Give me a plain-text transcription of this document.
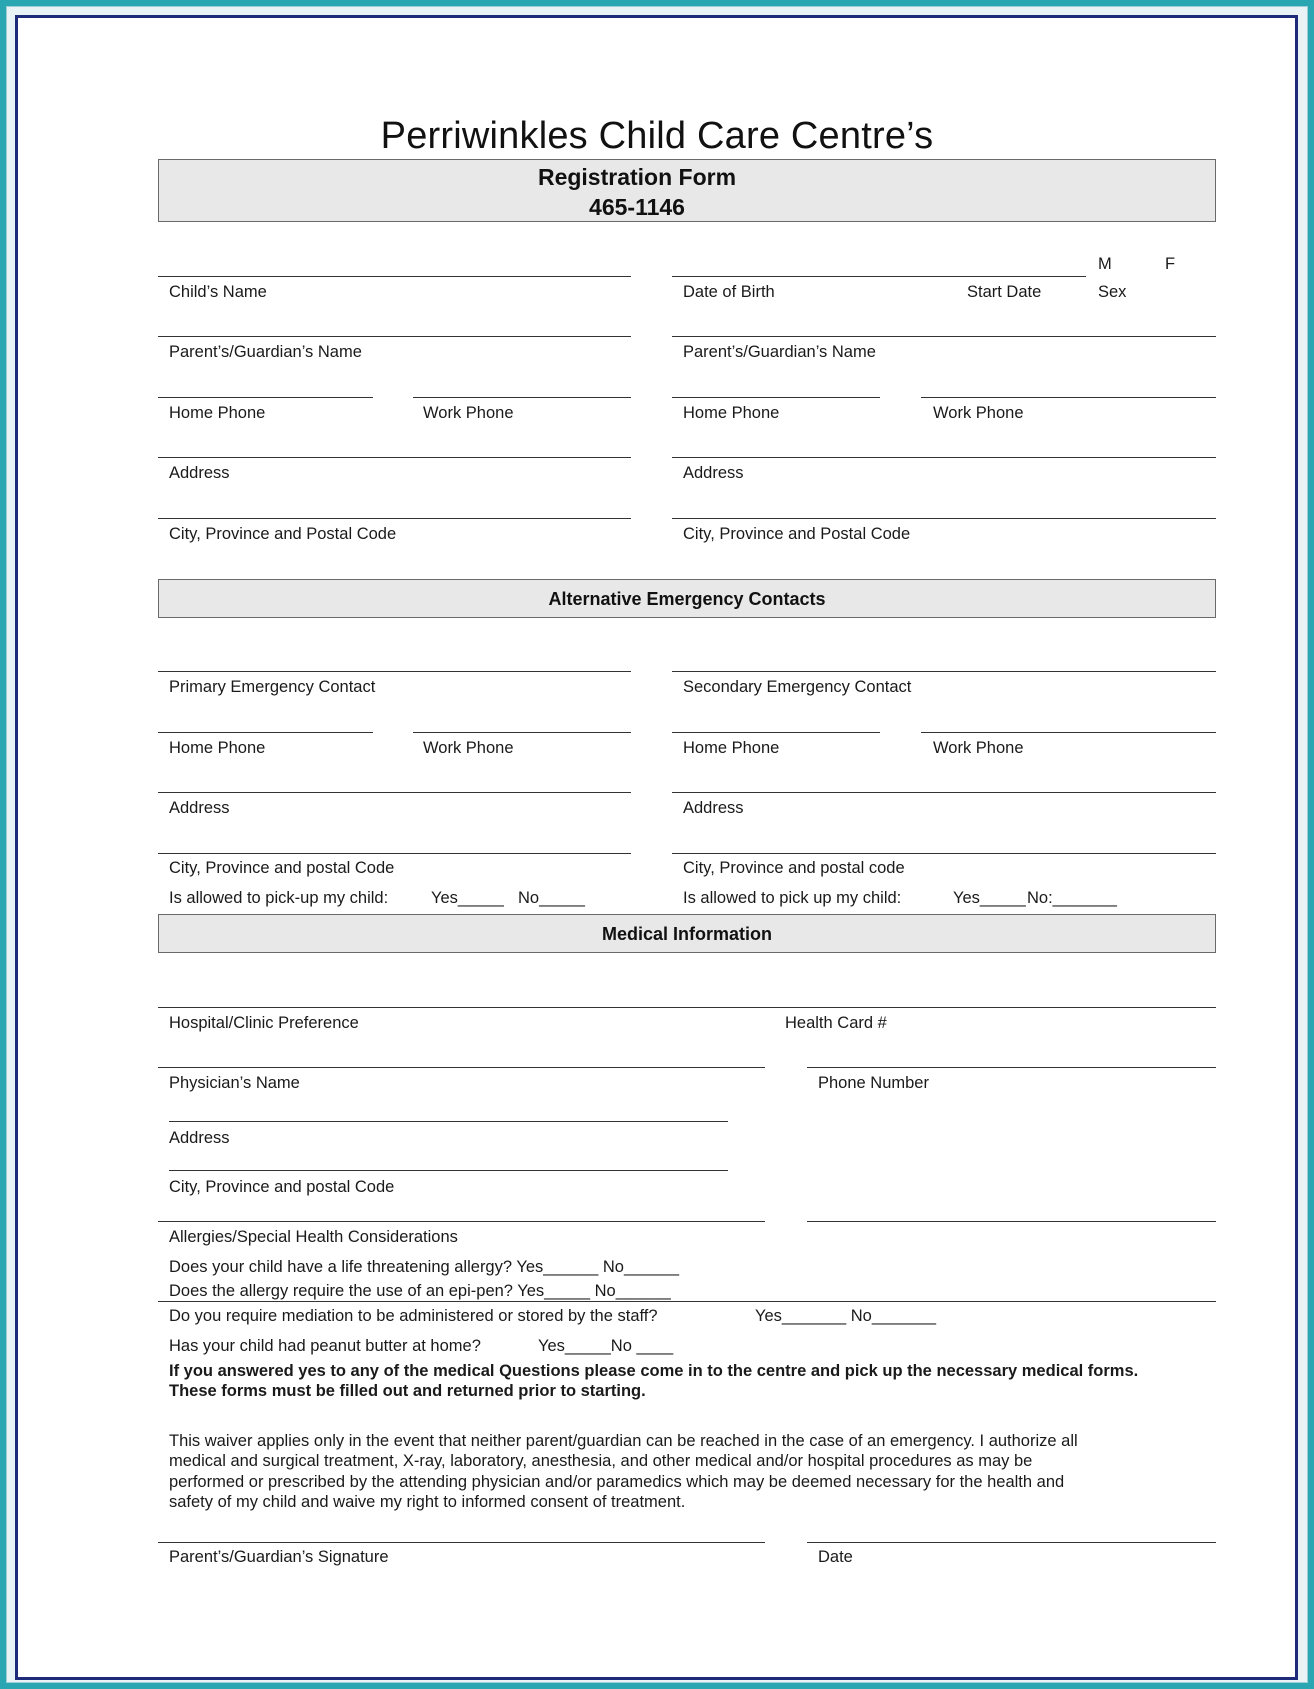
Perriwinkles Child Care Centre’s
Registration Form
465-1146
Child’s Name	Date of Birth	Start Date
M	F
Sex
Parent’s/Guardian’s Name	Parent’s/Guardian’s Name
Home Phone	Work Phone	Home Phone	Work Phone
Address	Address
City, Province and Postal Code	City, Province and Postal Code
Alternative Emergency Contacts
Primary Emergency Contact	Secondary Emergency Contact
Home Phone	Work Phone	Home Phone	Work Phone
Address	Address
City, Province and postal Code	City, Province and postal code
Is allowed to pick-up my child:	Yes_____ No_____	Is allowed to pick up my child:	Yes_____ No:_______
Medical Information
Hospital/Clinic Preference	Health Card #
Physician’s Name	Phone Number
Address
City, Province and postal Code
Allergies/Special Health Considerations
Does your child have a life threatening allergy? Yes______ No______
Does the allergy require the use of an epi-pen? Yes_____ No______
Do you require mediation to be administered or stored by the staff?	Yes_______ No_______
Has your child had peanut butter at home?	Yes_____No ____
If you answered yes to any of the medical Questions please come in to the centre and pick up the necessary medical forms.
These forms must be filled out and returned prior to starting.
This waiver applies only in the event that neither parent/guardian can be reached in the case of an emergency. I authorize all
medical and surgical treatment, X-ray, laboratory, anesthesia, and other medical and/or hospital procedures as may be
performed or prescribed by the attending physician and/or paramedics which may be deemed necessary for the health and
safety of my child and waive my right to informed consent of treatment.
Parent’s/Guardian’s Signature	Date
